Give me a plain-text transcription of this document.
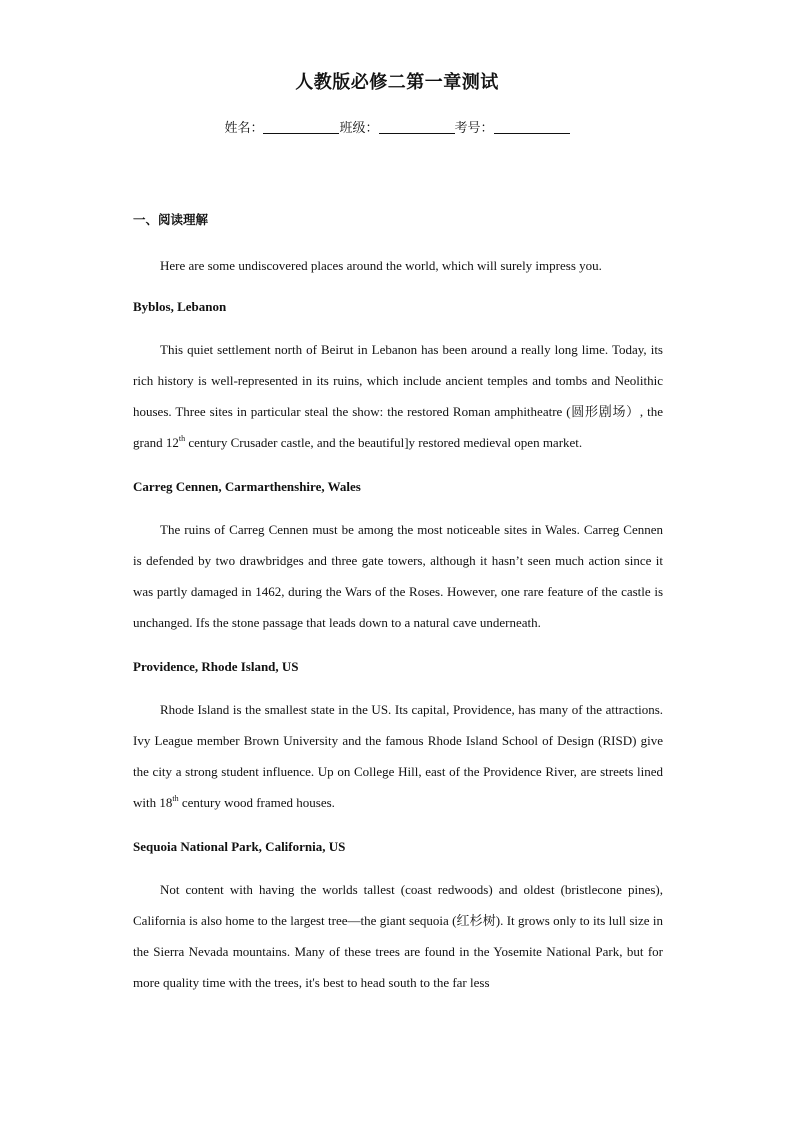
人教版必修二第一章测试
姓名：	班级：	考号：
一、阅读理解

Here are some undiscovered places around the world, which will surely impress you.

Byblos, Lebanon

This quiet settlement north of Beirut in Lebanon has been around a really long lime. Today, its rich history is well-represented in its ruins, which include ancient temples and tombs and Neolithic houses. Three sites in particular steal the show: the restored Roman amphitheatre (圆形剧场）, the grand 12th century Crusader castle, and the beautiful]y restored medieval open market.

Carreg Cennen, Carmarthenshire, Wales

The ruins of Carreg Cennen must be among the most noticeable sites in Wales. Carreg Cennen is defended by two drawbridges and three gate towers, although it hasn’t seen much action since it was partly damaged in 1462, during the Wars of the Roses. However, one rare feature of the castle is unchanged. Ifs the stone passage that leads down to a natural cave underneath.

Providence, Rhode Island, US

Rhode Island is the smallest state in the US. Its capital, Providence, has many of the attractions. Ivy League member Brown University and the famous Rhode Island School of Design (RISD) give the city a strong student influence. Up on College Hill, east of the Providence River, are streets lined with 18th century wood framed houses.

Sequoia National Park, California, US

Not content with having the worlds tallest (coast redwoods) and oldest (bristlecone pines), California is also home to the largest tree—the giant sequoia (红杉树). It grows only to its lull size in the Sierra Nevada mountains. Many of these trees are found in the Yosemite National Park, but for more quality time with the trees, it's best to head south to the far less
